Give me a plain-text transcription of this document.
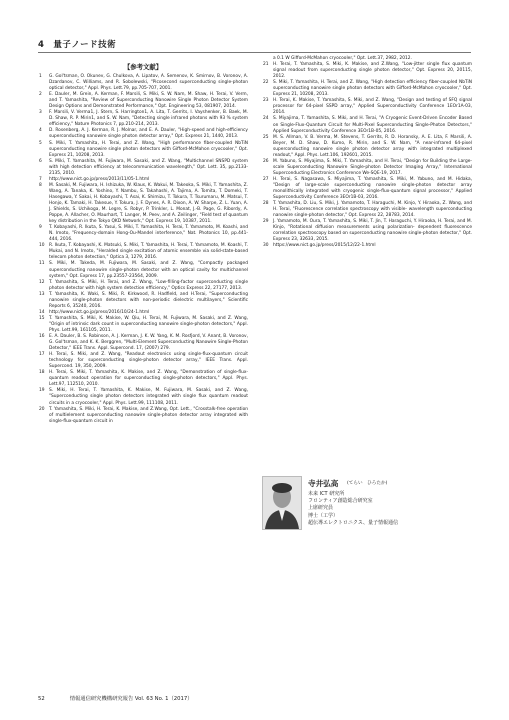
4　量子ノード技術
【参考文献】
1	G. Gol'tsman, O. Okunev, G. Chulkova, A. Lipatov, A. Semenov, K. Smirnov, B. Voronov, A. Dzardanov, C. Williams, and R. Sobolewski, "Picosecond superconducting single-photon optical detector," Appl. Phys. Lett.79, pp.705-707, 2001.
2	E. Dauler, M. Grein, A. Kerman, F. Marsili, S. Miki, S. W. Nam, M. Shaw, H. Terai, V. Verm, and T. Yamashita, "Review of Superconducting Nanowire Single Photon Detector System Design Options and Demonstrated Performance," Opt. Engineering 53, 081907, 2014.
3	F. Marsili, V. Verma1, J. Stern, S. Harrington1, A. Lita, T. Gerrits, I. Vayshenker, B. Baek, M. D. Shaw, R. P. Mirin1, and S. W. Nam, "Detecting single infrared photons with 93 % system efficiency," Nature Photonics 7, pp.210-214, 2013.
4	D. Rosenberg, A. J. Kerman, R. J. Molnar, and E. A. Dauler, "High-speed and high-efficiency superconducting nanowire single photon detector array," Opt. Express 21, 1440, 2013.
5	S. Miki, T. Yamashita, H. Terai, and Z. Wang, "High performance fiber-coupled NbTiN superconducting nanowire single photon detectors with Gifford-McMahon cryocooler," Opt. Express 21, 10208, 2013.
6	S. Miki, T. Yamashita, M. Fujiwara, M. Sasaki, and Z. Wang, "Multichannel SNSPD system with high detection efficiency at telecommunication wavelength," Opt. Lett. 35, pp.2133-2135, 2010.
7	http://www.nict.go.jp/press/2013/11/05-1.html
8	M. Sasaki, M. Fujiwara, H. Ishizuka, W. Klaus, K. Wakui, M. Takeoka, S. Miki, T. Yamashita, Z. Wang, A. Tanaka, K. Yoshino, Y. Nambu, S. Takahashi, A. Tajima, A. Tomita, T. Domeki, T. Hasegawa, Y. Sakai, H. Kobayashi, T. Asai, K. Shimizu, T. Tokura, T. Tsurumaru, M. Matsui, T. Honjo, K. Tamaki, H. Takesue, Y. Tokura, J. F. Dynes, A. R. Dixon, A. W. Sharpe, Z. L. Yuan, A. J. Shields, S. Uchikoga, M. Legre, S. Robyr, P. Trinkler, L. Monat, J.-B. Page, G. Ribordy, A. Poppe, A. Allacher, O. Maurhart, T. Langer, M. Peev, and A. Zeilinger, "Field test of quantum key distribution in the Tokyo QKD Network," Opt. Express 19, 10387, 2011.
9	T. Kobayashi, R. Ikuta, S. Yasui, S. Miki, T. Yamashita, H. Terai, T. Yamamoto, M. Koashi, and N. Imoto, "Frequency-domain Hong-Ou-Mandel interference," Nat. Photonics 10, pp.441-444, 2016.
10	R. Ikuta, T. Kobayashi, K. Matsuki, S. Miki, T. Yamashita, H. Terai, T. Yamamoto, M. Koashi, T. Mukai, and N. Imoto, "Heralded single excitation of atomic ensemble via solid-state-based telecom photon detection," Optica 3, 1279, 2016.
11	S. Miki, M. Takeda, M. Fujiwara, M. Sasaki, and Z. Wang, "Compactly packaged superconducting nanowire single-photon detector with an optical cavity for multichannel system," Opt. Express 17, pp.23557-23564, 2009.
12	T. Yamashita, S. Miki, H. Terai, and Z. Wang, "Low-filling-factor superconducting single photon detector with high system detection efficiency," Optics Express 22, 27177, 2013.
13	T. Yamashita, K. Waki, S. Miki, R. Kirkwood, R. Hadfield, and H.Terai, "Superconducting nanowire single-photon detectors with non-periodic dielectric multilayers," Scientific Reports 6, 35240, 2016.
14	http://www.nict.go.jp/press/2016/10/24-1.html
15	T. Yamashita, S. Miki, K. Makise, W. Qiu, H. Terai, M. Fujiwara, M. Sasaki, and Z. Wang, "Origin of intrinsic dark count in superconducting nanowire single-photon detectors," Appl. Phys. Lett.99, 161105, 2011.
16	E. A. Dauler, B. S. Robinson, A. J. Kerman, J. K. W. Yang, K. M. Rosfjord, V. Anant, B. Voronov, G. Gol'tsman, and K. K. Berggren, "Multi-Element Superconducting Nanowire Single-Photon Detector," IEEE Trans. Appl. Supercond. 17, (2007) 279.
17	H. Terai, S. Miki, and Z. Wang, "Readout electronics using single-flux-quantum circuit technology for superconducting single-photon detector array," IEEE Trans. Appl. Supercond. 19, 350, 2009.
18	H. Terai, S. Miki, T. Yamashita, K. Makise, and Z. Wang, "Demonstration of single-flux-quantum readout operation for superconducting single-photon detectors," Appl. Phys. Lett.97, 112510, 2010.
19	S. Miki, H. Terai, T. Yamashita, K. Makise, M. Fujiwara, M. Sasaki, and Z. Wang, "Superconducting single photon detectors integrated with single flux quantum readout circuits in a cryocooler," Appl. Phys. Lett.99, 111108, 2011.
20	T. Yamashita, S. Miki, H. Terai, K. Makise, and Z.Wang, Opt. Lett., "Crosstalk-free operation of multielement superconducting nanowire single-photon detector array integrated with single-flux-quantum circuit in
a 0.1 W Gifford-McMahon cryocooler," Opt. Lett.37, 2982, 2012.
21	H. Terai, T. Yamashita, S. Miki, K. Makise, and Z.Wang, "Low-jitter single flux quantum signal readout from superconducting single photon detector," Opt. Express 20, 20115, 2012.
22	S. Miki, T. Yamashita, H. Terai, and Z. Wang, "High detection efficiency fiber-coupled NbTiN superconducting nanowire single photon detectors with Gifford-McMahon cryocooler," Opt. Express 21, 10208, 2013.
23	H. Terai, K. Makise, T. Yamashita, S. Miki, and Z. Wang, "Design and testing of SFQ signal processor for 64-pixel SSPD array," Applied Superconductivity Conference 1EOr1A-03, 2014.
24	S. Miyajima, T. Yamashita, S. Miki, and H. Terai, "A Cryogenic Event-Driven Encoder Based on Single-Flux-Quantum Circuit for Multi-Pixel Superconducting Single-Photon Detectors," Applied Superconductivity Conference 3EOr1B-05, 2016.
25	M. S. Allman, V. B. Verma, M. Stevens, T. Gerrits, R. D. Horansky, A. E. Lita, F. Marsili, A. Beyer, M. D. Shaw, D. Kumo, R. Mirin, and S. W. Nam, "A near-infrared 64-pixel superconducting nanowire single photon detector array with integrated multiplexed readout," Appl. Phys. Lett.106, 192601, 2015.
26	M. Yabuno, S. Miyajima, S. Miki, T. Yamashita, and H. Terai, "Design for Building the Large-scale Superconducting Nanowire Single-photon Detector Imaging Array," International Superconducting Electronics Conference We-SQE-19, 2017.
27	H. Terai, S. Nagasawa, S. Miyajima, T. Yamashita, S. Miki, M. Yabuno, and M. Hidaka, "Design of large-scale superconducting nanowire single-photon detector array monolithically integrated with cryogenic single-flux-quantum signal processor," Applied Superconductivity Conference 3EOr1B-03, 2016.
28	T. Yamashita, D. Liu, S. Miki, J. Yamamoto, T. Haraguchi, M. Kinjo, Y. Hiraoka, Z. Wang, and H. Terai, "Fluorescence correlation spectroscopy with visible- wavelength superconducting nanowire single-photon detector," Opt. Express 22, 28783, 2014.
29	J. Yamamoto, M. Oura, T. Yamashita, S. Miki, T. Jin, T. Haraguchi, Y. Hiraoka, H. Terai, and M. Kinjo, "Rotational diffusion measurements using polarization- dependent fluorescence correlation spectroscopy based on superconducting nanowire single-photon detector," Opt. Express 23, 32633, 2015.
30	https://www.nict.go.jp/press/2015/12/22-1.html
寺井弘高 (てらい　ひろたか)
未来 ICT 研究所
フロンティア創造総合研究室
上席研究員
博士（工学）
超伝導エレクトロニクス、量子情報通信
52	情報通信研究機構研究報告 Vol. 63 No. 1（2017）
